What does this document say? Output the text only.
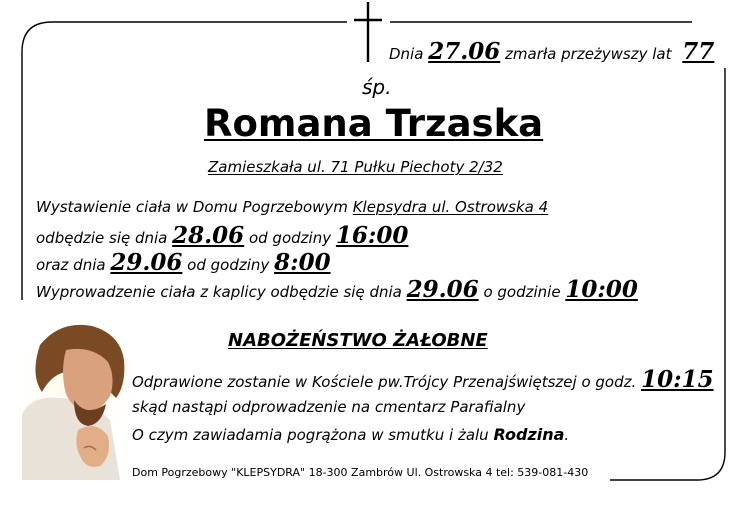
Dnia 27.06 zmarła przeżywszy lat 77
śp.
Romana Trzaska
Zamieszkała ul. 71 Pułku Piechoty 2/32
Wystawienie ciała w Domu Pogrzebowym Klepsydra ul. Ostrowska 4
odbędzie się dnia 28.06 od godziny 16:00
oraz dnia 29.06 od godziny 8:00
Wyprowadzenie ciała z kaplicy odbędzie się dnia 29.06 o godzinie 10:00
NABOŻEŃSTWO ŻAŁOBNE
Odprawione zostanie w Kościele pw.Trójcy Przenajświętszej o godz. 10:15
skąd nastąpi odprowadzenie na cmentarz Parafialny
O czym zawiadamia pogrążona w smutku i żalu Rodzina.
Dom Pogrzebowy "KLEPSYDRA" 18-300 Zambrów Ul. Ostrowska 4 tel: 539-081-430
